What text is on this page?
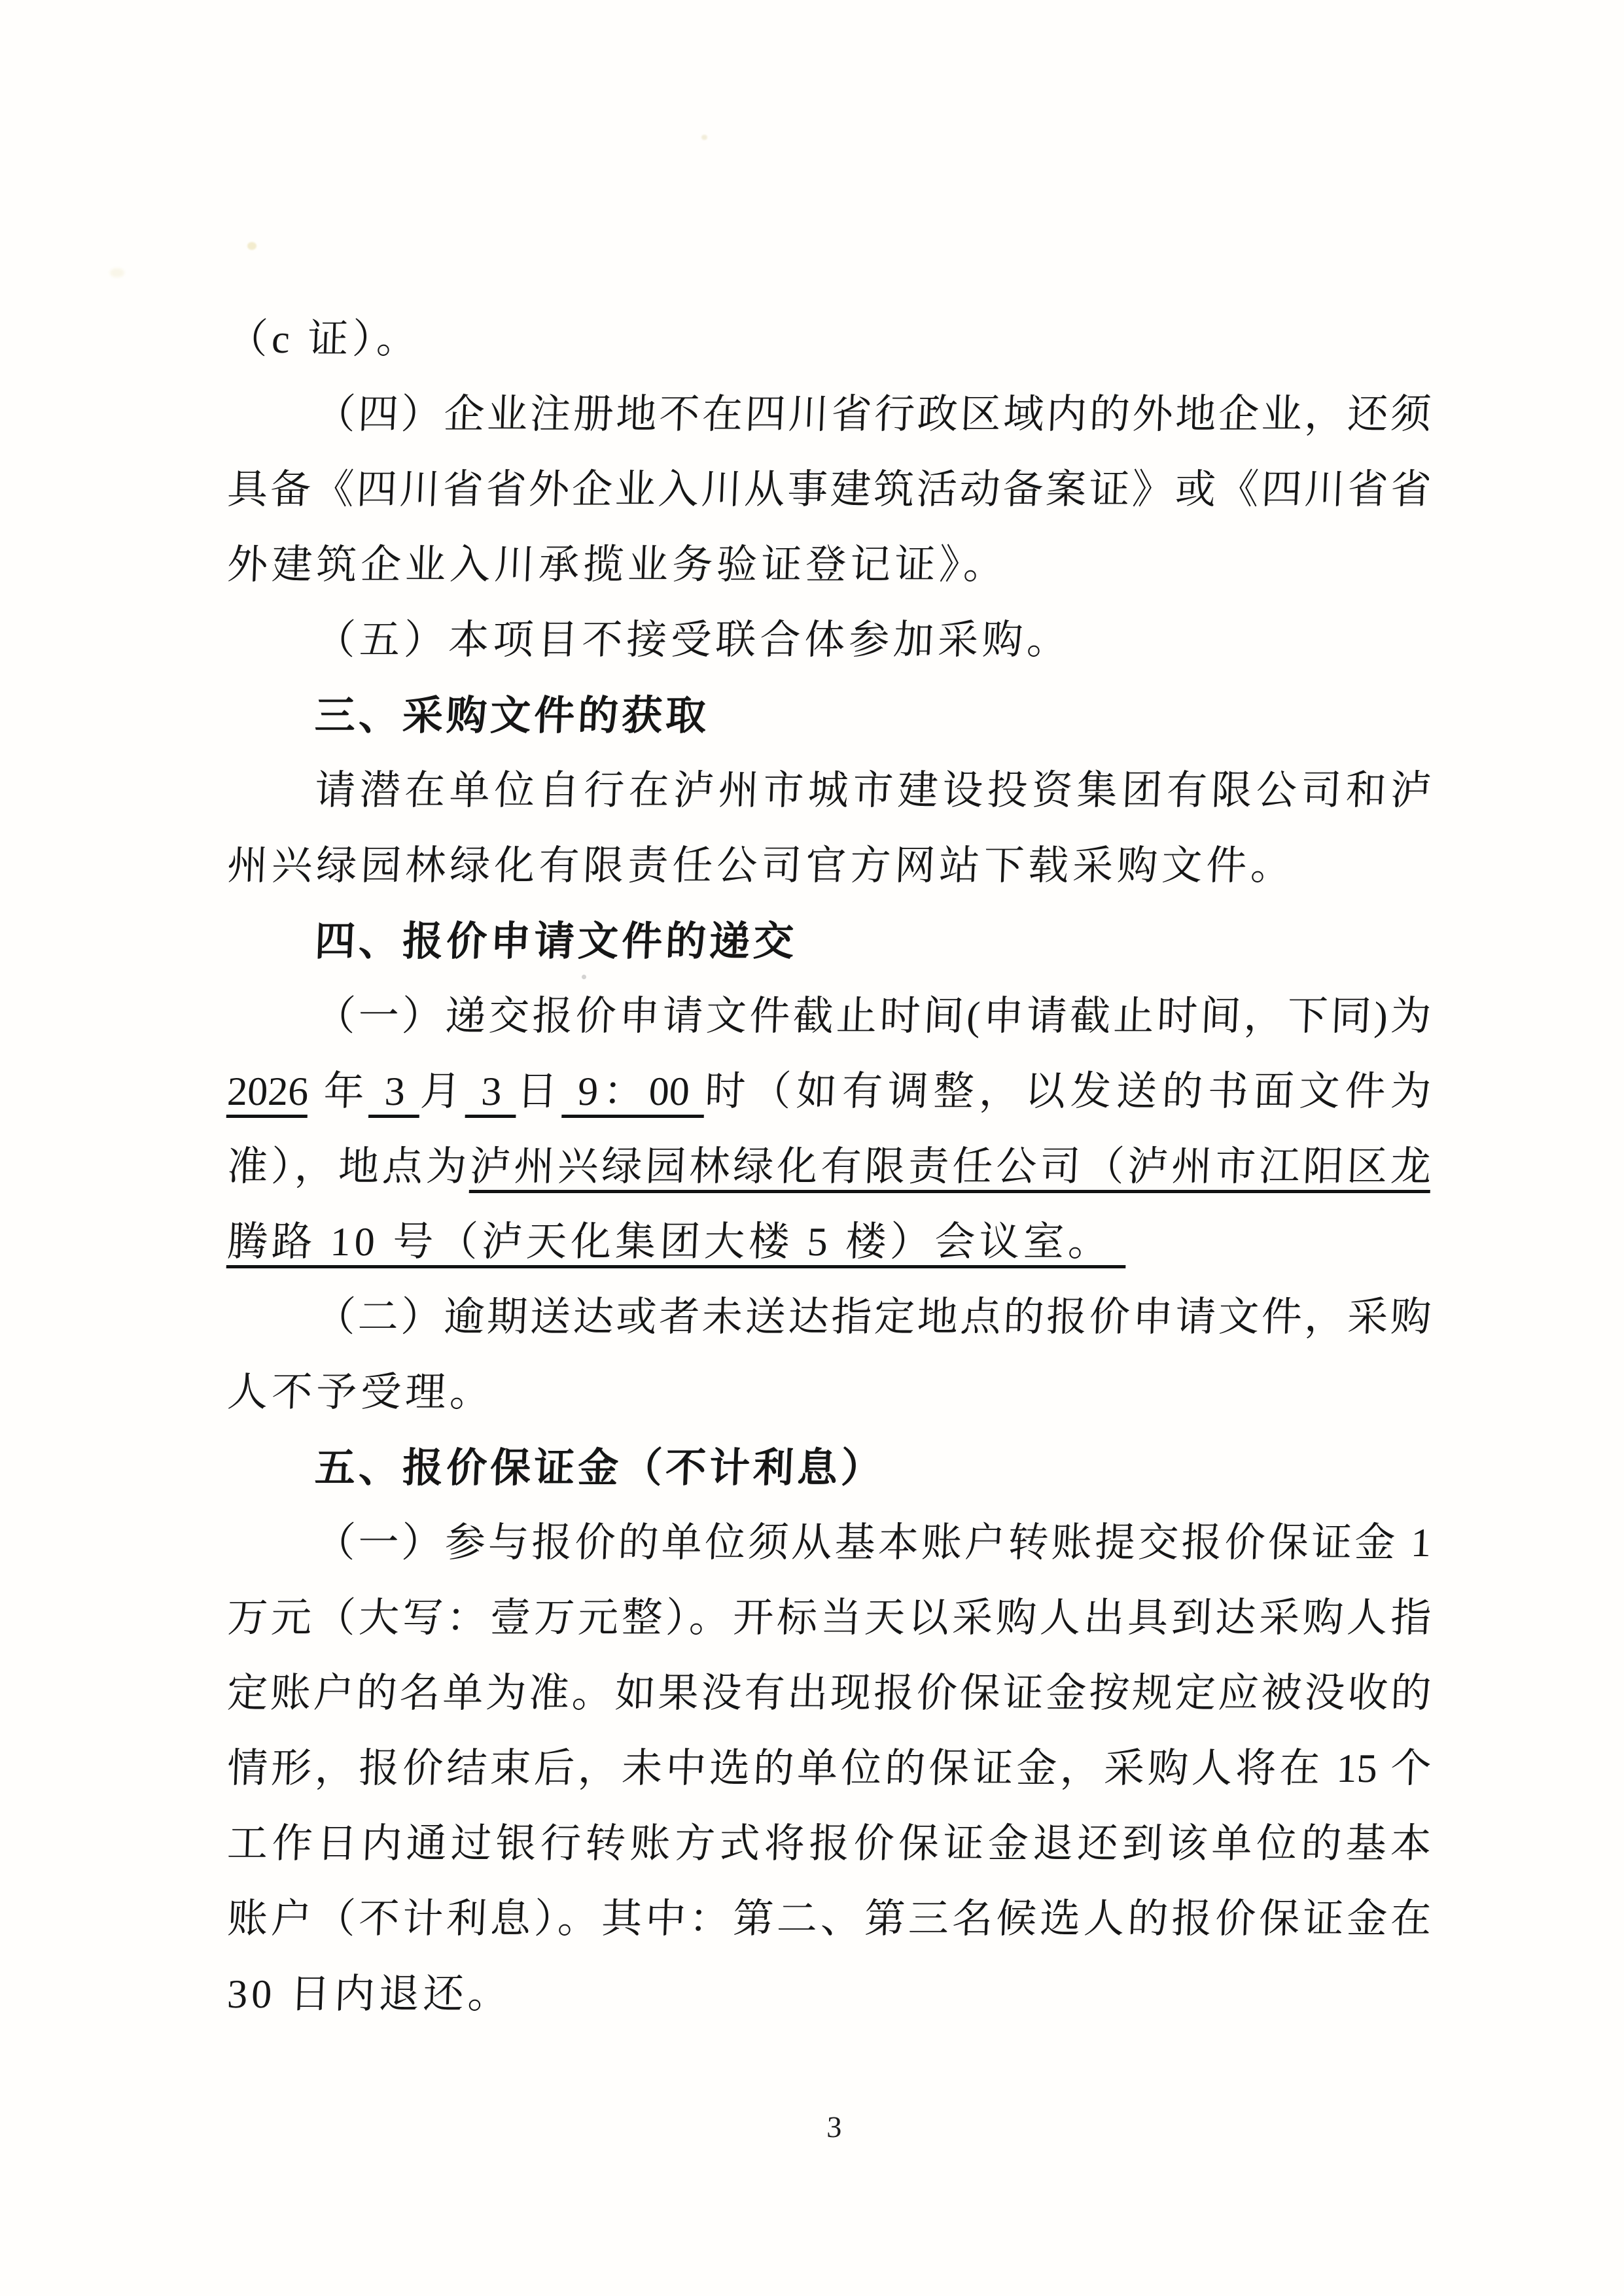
（c 证）。
（四）企业注册地不在四川省行政区域内的外地企业，还须
具备《四川省省外企业入川从事建筑活动备案证》或《四川省省
外建筑企业入川承揽业务验证登记证》。
（五）本项目不接受联合体参加采购。
三、采购文件的获取
请潜在单位自行在泸州市城市建设投资集团有限公司和泸
州兴绿园林绿化有限责任公司官方网站下载采购文件。
四、报价申请文件的递交
（一）递交报价申请文件截止时间(申请截止时间，下同)为
2026 年 3 月 3 日 9：00 时（如有调整，以发送的书面文件为
准），地点为泸州兴绿园林绿化有限责任公司（泸州市江阳区龙
腾路 10 号（泸天化集团大楼 5 楼）会议室。
（二）逾期送达或者未送达指定地点的报价申请文件，采购
人不予受理。
五、报价保证金（不计利息）
（一）参与报价的单位须从基本账户转账提交报价保证金 1
万元（大写：壹万元整）。开标当天以采购人出具到达采购人指
定账户的名单为准。如果没有出现报价保证金按规定应被没收的
情形，报价结束后，未中选的单位的保证金，采购人将在 15 个
工作日内通过银行转账方式将报价保证金退还到该单位的基本
账户（不计利息）。其中：第二、第三名候选人的报价保证金在
30 日内退还。
3
